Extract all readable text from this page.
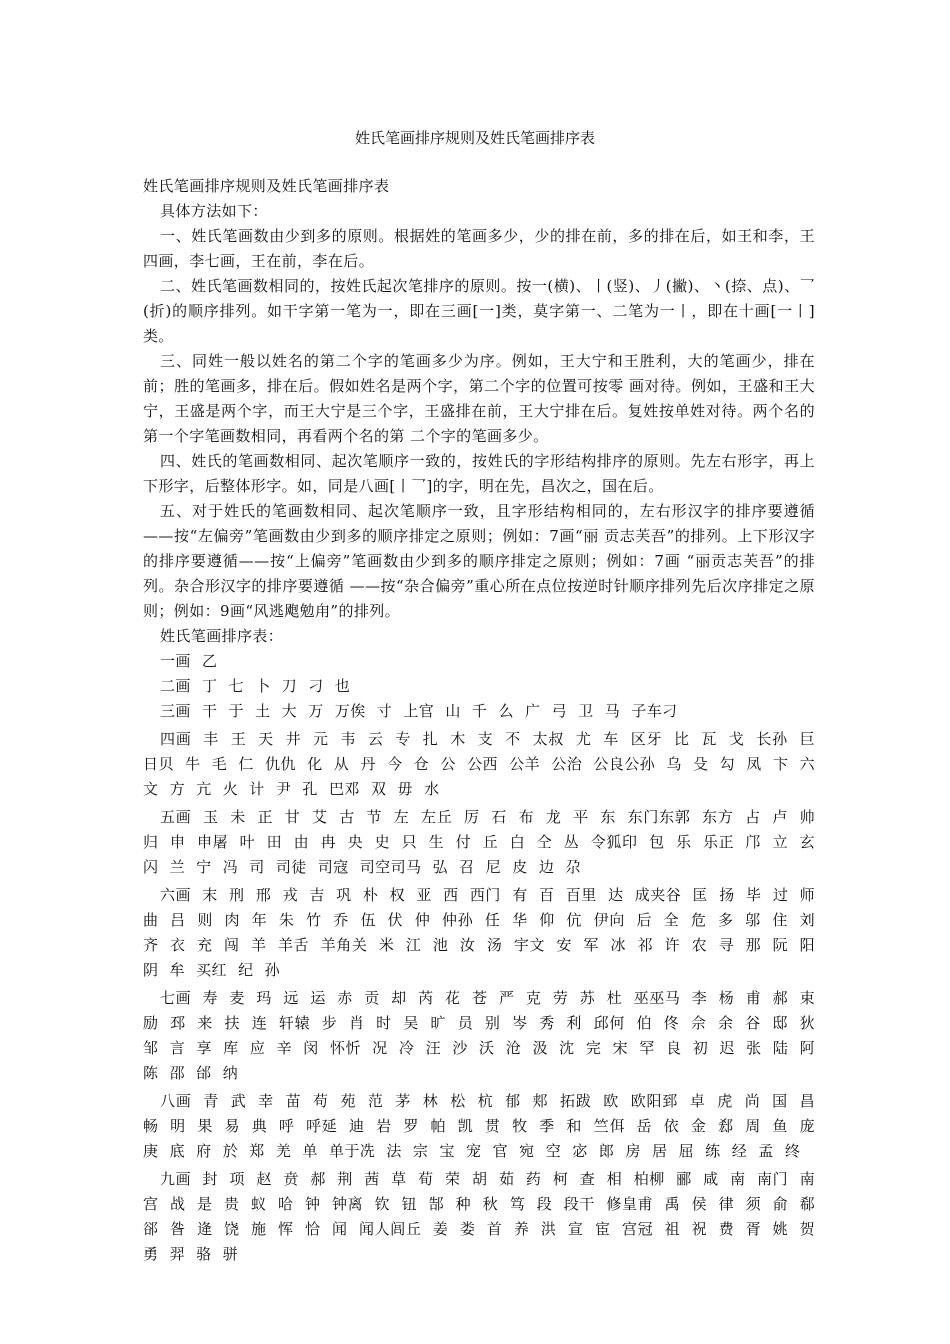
姓氏笔画排序规则及姓氏笔画排序表

姓氏笔画排序规则及姓氏笔画排序表

具体方法如下：

一、姓氏笔画数由少到多的原则。根据姓的笔画多少，少的排在前，多的排在后，如王和李，王四画，李七画，王在前，李在后。

二、姓氏笔画数相同的，按姓氏起次笔排序的原则。按一(横)、丨(竖)、丿(撇)、丶(捺、点)、乛(折)的顺序排列。如干字第一笔为一，即在三画[一]类，莫字第一、二笔为一丨，即在十画[一丨]类。

三、同姓一般以姓名的第二个字的笔画多少为序。例如，王大宁和王胜利，大的笔画少，排在前；胜的笔画多，排在后。假如姓名是两个字，第二个字的位置可按零 画对待。例如，王盛和王大宁，王盛是两个字，而王大宁是三个字，王盛排在前，王大宁排在后。复姓按单姓对待。两个名的第一个字笔画数相同，再看两个名的第 二个字的笔画多少。

四、姓氏的笔画数相同、起次笔顺序一致的，按姓氏的字形结构排序的原则。先左右形字，再上下形字，后整体形字。如，同是八画[丨乛]的字，明在先，昌次之，国在后。

五、对于姓氏的笔画数相同、起次笔顺序一致，且字形结构相同的，左右形汉字的排序要遵循——按“左偏旁”笔画数由少到多的顺序排定之原则；例如：7画“丽 贡志芙吾”的排列。上下形汉字的排序要遵循——按“上偏旁”笔画数由少到多的顺序排定之原则；例如：7画 “丽贡志芙吾”的排列。杂合形汉字的排序要遵循 ——按“杂合偏旁”重心所在点位按逆时针顺序排列先后次序排定之原则；例如：9画“风逃飑勉甪”的排列。

姓氏笔画排序表：

一画 乙

二画 丁 七 卜 刀 刁 也

三画 干 于 土 大 万 万俟 寸 上官 山 千 么 广 弓 卫 马 子车刁

四画 丰 王 天 井 元 韦 云 专 扎 木 支 不 太叔 尤 车 区牙 比 瓦 戈 长孙 巨 日贝 牛 毛 仁 仇仇 化 从 丹 今 仓 公 公西 公羊 公治 公良公孙 乌 殳 勾 凤 卞 六 文 方 亢 火 计 尹 孔 巴邓 双 毋 水

五画 玉 未 正 甘 艾 古 节 左 左丘 厉 石 布 龙 平 东 东门东郭 东方 占 卢 帅 归 申 申屠 叶 田 由 冉 央 史 只 生 付 丘 白 仝 丛 令狐印 包 乐 乐正 邝 立 玄 闪 兰 宁 冯 司 司徒 司寇 司空司马 弘 召 尼 皮 边 尕

六画 末 刑 邢 戎 吉 巩 朴 权 亚 西 西门 有 百 百里 达 成夹谷 匡 扬 毕 过 师 曲 吕 则 肉 年 朱 竹 乔 伍 伏 仲 仲孙 任 华 仰 伉 伊向 后 全 危 多 邬 住 刘 齐 衣 充 闯 羊 羊舌 羊角关 米 江 池 汝 汤 宇文 安 军 冰 祁 许 农 寻 那 阮 阳 阴 牟 买红 纪 孙

七画 寿 麦 玛 远 运 赤 贡 却 芮 花 苍 严 克 劳 苏 杜 巫巫马 李 杨 甫 郝 束 励 邳 来 扶 连 轩辕 步 肖 时 吴 旷 员 别 岑 秀 利 邱何 伯 佟 佘 余 谷 邸 狄 邹 言 享 库 应 辛 闵 怀忻 况 冷 汪 沙 沃 沧 汲 沈 完 宋 罕 良 初 迟 张 陆 阿 陈 邵 邰 纳

八画 青 武 幸 苗 苟 苑 范 茅 林 松 杭 郁 郏 拓跋 欧 欧阳郅 卓 虎 尚 国 昌 畅 明 果 易 典 呼 呼延 迪 岩 罗 帕 凯 贯 牧 季 和 竺佴 岳 依 金 郄 周 鱼 庞 庚 底 府 於 郑 羌 单 单于冼 法 宗 宝 宠 官 宛 空 宓 郎 房 居 屈 练 经 孟 终

九画 封 项 赵 贲 郝 荆 茜 草 荀 荣 胡 茹 药 柯 查 相 柏柳 郦 咸 南 南门 南宫 战 是 贵 蚁 哈 钟 钟离 钦 钮 郜 种 秋 笃 段 段干 修皇甫 禹 侯 律 须 俞 郗 郤 昝 逄 饶 施 恽 恰 闻 闻人闾丘 姜 娄 首 养 洪 宣 宦 宫冠 祖 祝 费 胥 姚 贺 勇 羿 骆 骈
